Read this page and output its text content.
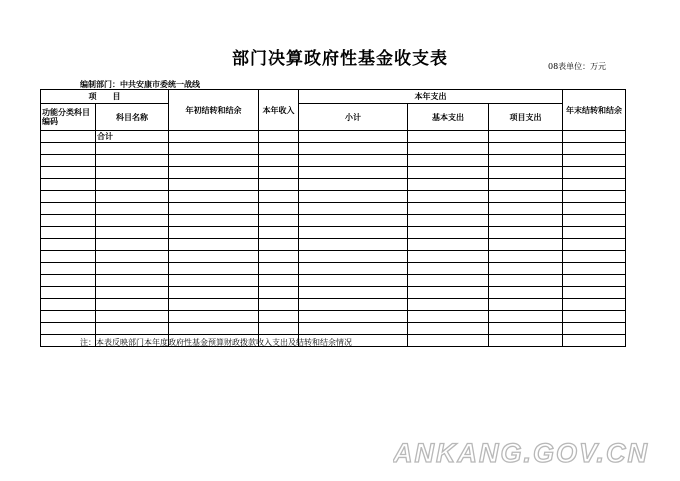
部门决算政府性基金收支表	08表单位：万元
编制部门：中共安康市委统一战线
项　　目		年初结转和结余	本年收入	本年支出			年末结转和结余
功能分类科目编码	科目名称			小计	基本支出	项目支出	
	合计						

注：本表反映部门本年度政府性基金预算财政拨款收入支出及结转和结余情况
ANKANG.GOV.CN
